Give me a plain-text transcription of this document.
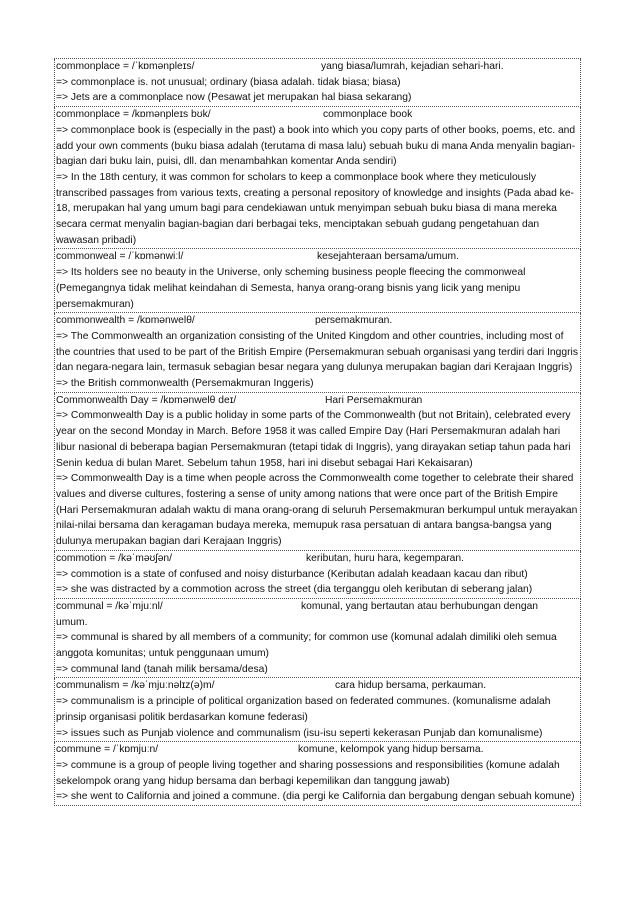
commonplace = /ˈkɒmənpleɪs/	yang biasa/lumrah, kejadian sehari-hari.
=> commonplace is. not unusual; ordinary (biasa adalah. tidak biasa; biasa)
=> Jets are a commonplace now (Pesawat jet merupakan hal biasa sekarang)
commonplace = /kɒmənpleɪs bʊk/	commonplace book
=> commonplace book is (especially in the past) a book into which you copy parts of other books, poems, etc. and add your own comments (buku biasa adalah (terutama di masa lalu) sebuah buku di mana Anda menyalin bagian-bagian dari buku lain, puisi, dll. dan menambahkan komentar Anda sendiri)
=> In the 18th century, it was common for scholars to keep a commonplace book where they meticulously transcribed passages from various texts, creating a personal repository of knowledge and insights (Pada abad ke-18, merupakan hal yang umum bagi para cendekiawan untuk menyimpan sebuah buku biasa di mana mereka secara cermat menyalin bagian-bagian dari berbagai teks, menciptakan sebuah gudang pengetahuan dan wawasan pribadi)
commonweal = /ˈkɒmənwiːl/	kesejahteraan bersama/umum.
=> Its holders see no beauty in the Universe, only scheming business people fleecing the commonweal (Pemegangnya tidak melihat keindahan di Semesta, hanya orang-orang bisnis yang licik yang menipu persemakmuran)
commonwealth = /kɒmənwelθ/	persemakmuran.
=> The Commonwealth an organization consisting of the United Kingdom and other countries, including most of the countries that used to be part of the British Empire (Persemakmuran sebuah organisasi yang terdiri dari Inggris dan negara-negara lain, termasuk sebagian besar negara yang dulunya merupakan bagian dari Kerajaan Inggris)
=> the British commonwealth (Persemakmuran Inggeris)
Commonwealth Day = /kɒmənwelθ deɪ/	Hari Persemakmuran
=> Commonwealth Day is a public holiday in some parts of the Commonwealth (but not Britain), celebrated every year on the second Monday in March. Before 1958 it was called Empire Day (Hari Persemakmuran adalah hari libur nasional di beberapa bagian Persemakmuran (tetapi tidak di Inggris), yang dirayakan setiap tahun pada hari Senin kedua di bulan Maret. Sebelum tahun 1958, hari ini disebut sebagai Hari Kekaisaran)
=> Commonwealth Day is a time when people across the Commonwealth come together to celebrate their shared values and diverse cultures, fostering a sense of unity among nations that were once part of the British Empire (Hari Persemakmuran adalah waktu di mana orang-orang di seluruh Persemakmuran berkumpul untuk merayakan nilai-nilai bersama dan keragaman budaya mereka, memupuk rasa persatuan di antara bangsa-bangsa yang dulunya merupakan bagian dari Kerajaan Inggris)
commotion = /kəˈməʊʃən/	keributan, huru hara, kegemparan.
=> commotion is a state of confused and noisy disturbance (Keributan adalah keadaan kacau dan ribut)
=> she was distracted by a commotion across the street (dia terganggu oleh keributan di seberang jalan)
communal = /kəˈmjuːnl/	komunal, yang bertautan atau berhubungan dengan
umum.
=> communal is shared by all members of a community; for common use (komunal adalah dimiliki oleh semua anggota komunitas; untuk penggunaan umum)
=> communal land (tanah milik bersama/desa)
communalism = /kəˈmjuːnəlɪz(ə)m/	cara hidup bersama, perkauman.
=> communalism is a principle of political organization based on federated communes. (komunalisme adalah prinsip organisasi politik berdasarkan komune federasi)
=> issues such as Punjab violence and communalism (isu-isu seperti kekerasan Punjab dan komunalisme)
commune = /ˈkɒmjuːn/	komune, kelompok yang hidup bersama.
=> commune is a group of people living together and sharing possessions and responsibilities (komune adalah sekelompok orang yang hidup bersama dan berbagi kepemilikan dan tanggung jawab)
=> she went to California and joined a commune. (dia pergi ke California dan bergabung dengan sebuah komune)
